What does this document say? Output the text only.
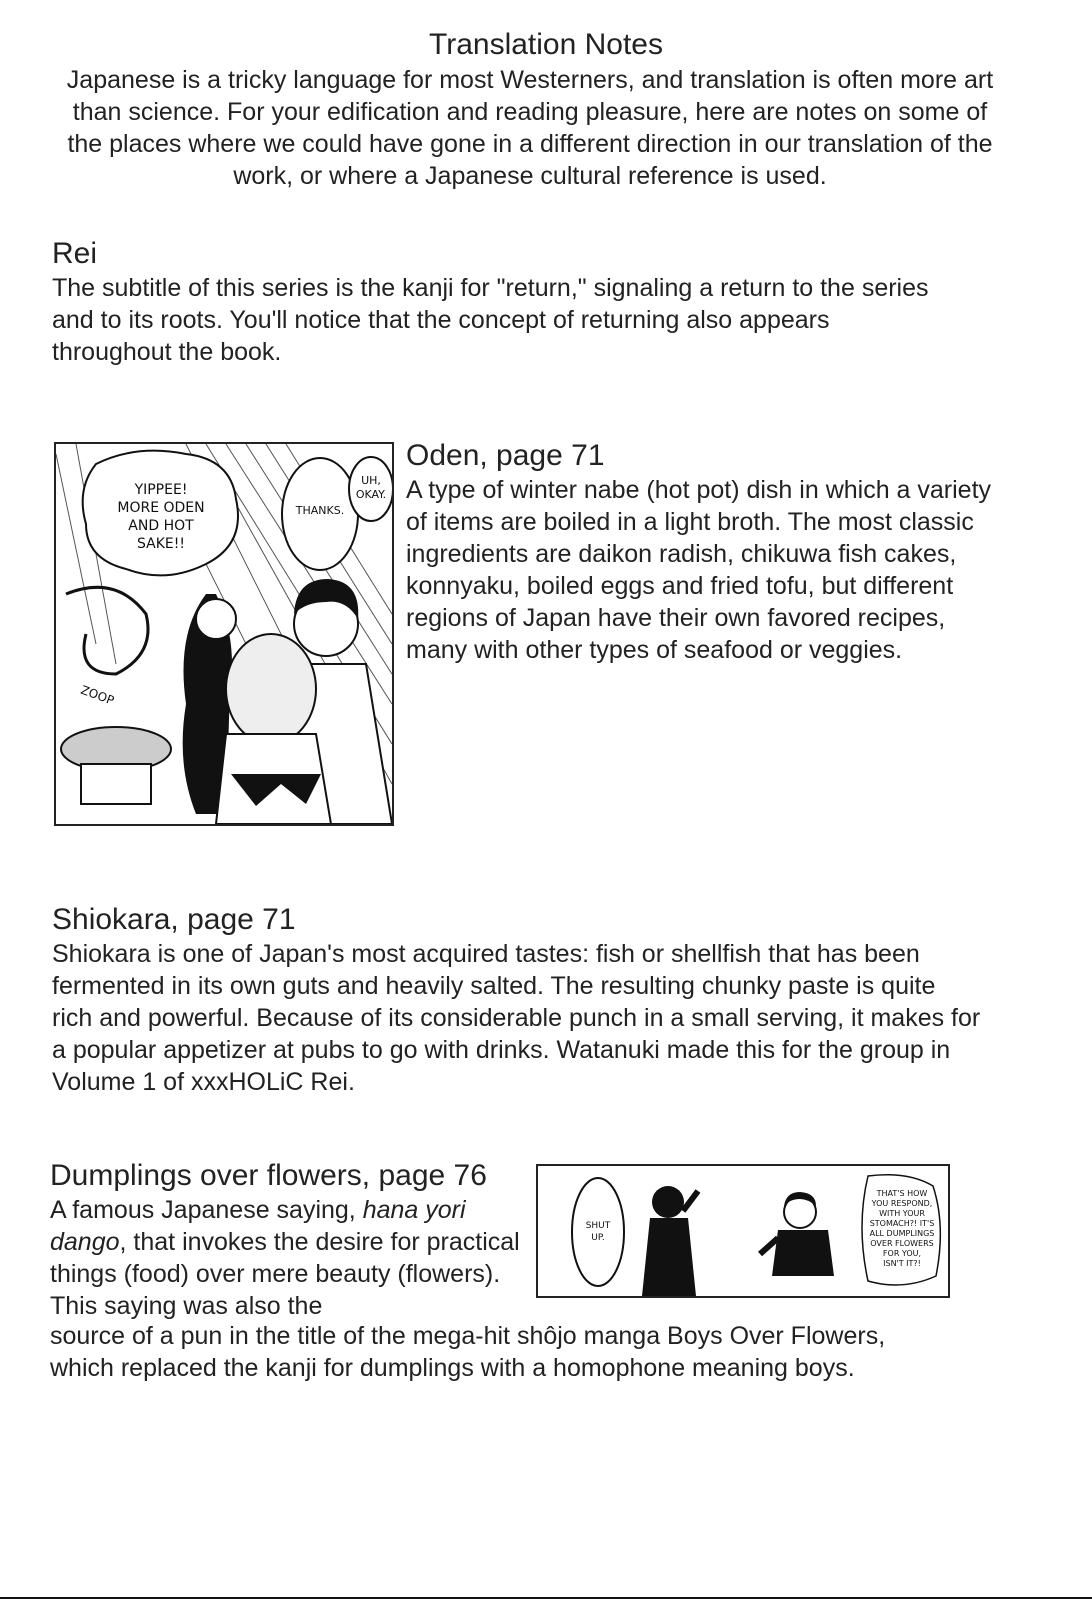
Translation Notes
Japanese is a tricky language for most Westerners, and translation is often more art than science. For your edification and reading pleasure, here are notes on some of the places where we could have gone in a different direction in our translation of the work, or where a Japanese cultural reference is used.
Rei

The subtitle of this series is the kanji for "return," signaling a return to the series and to its roots. You'll notice that the concept of returning also appears throughout the book.

YIPPEE!
MORE ODEN
AND HOT
SAKE!!
THANKS.
UH,
OKAY.
ZOOP
Oden, page 71

A type of winter nabe (hot pot) dish in which a variety of items are boiled in a light broth. The most classic ingredients are daikon radish, chikuwa fish cakes, konnyaku, boiled eggs and fried tofu, but different regions of Japan have their own favored recipes, many with other types of seafood or veggies.

Shiokara, page 71

Shiokara is one of Japan's most acquired tastes: fish or shellfish that has been fermented in its own guts and heavily salted. The resulting chunky paste is quite rich and powerful. Because of its considerable punch in a small serving, it makes for a popular appetizer at pubs to go with drinks. Watanuki made this for the group in Volume 1 of xxxHOLiC Rei.

Dumplings over flowers, page 76

A famous Japanese saying, hana yori dango, that invokes the desire for practical things (food) over mere beauty (flowers). This saying was also the

source of a pun in the title of the mega-hit shôjo manga Boys Over Flowers, which replaced the kanji for dumplings with a homophone meaning boys.

SHUT
UP.
THAT'S HOW
YOU RESPOND,
WITH YOUR
STOMACH?! IT'S
ALL DUMPLINGS
OVER FLOWERS
FOR YOU,
ISN'T IT?!
